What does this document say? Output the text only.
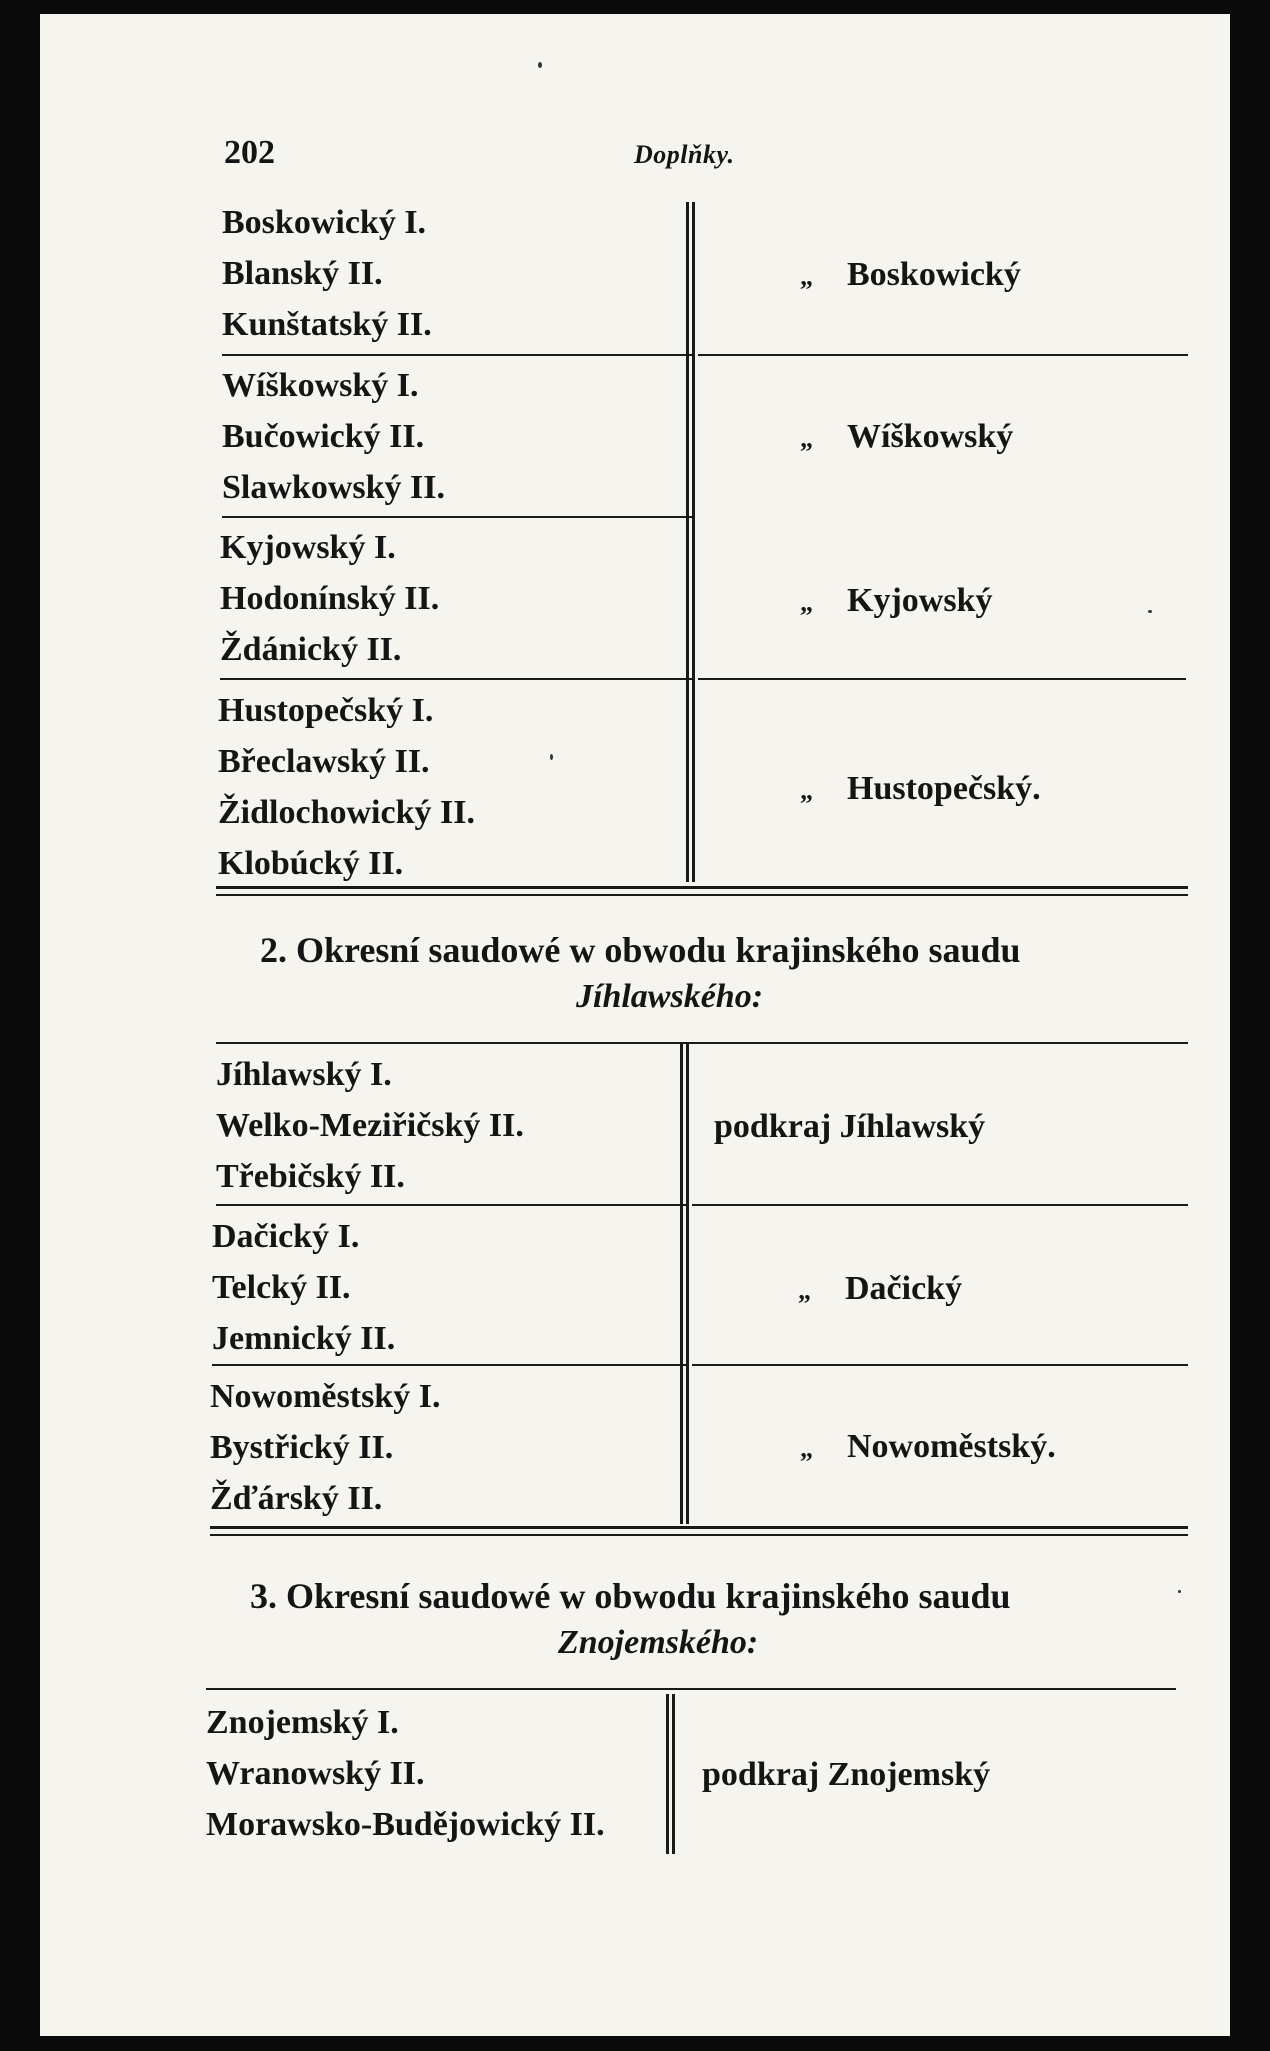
202	Doplňky.
Boskowický I.
Blanský II.
Kunštatský II.
„ Boskowický
Wíškowský I.
Bučowický II.
Slawkowský II.
„ Wíškowský
Kyjowský I.
Hodonínský II.
Ždánický II.
„ Kyjowský
Hustopečský I.
Břeclawský II.
Židlochowický II.
Klobúcký II.
„ Hustopečský.
2. Okresní saudowé w obwodu krajinského saudu
Jíhlawského:
Jíhlawský I.
Welko-Meziřičský II.
Třebičský II.
podkraj Jíhlawský
Dačický I.
Telcký II.
Jemnický II.
„ Dačický
Nowoměstský I.
Bystřický II.
Žďárský II.
„ Nowoměstský.
3. Okresní saudowé w obwodu krajinského saudu
Znojemského:
Znojemský I.
Wranowský II.
Morawsko-Budějowický II.
podkraj Znojemský
